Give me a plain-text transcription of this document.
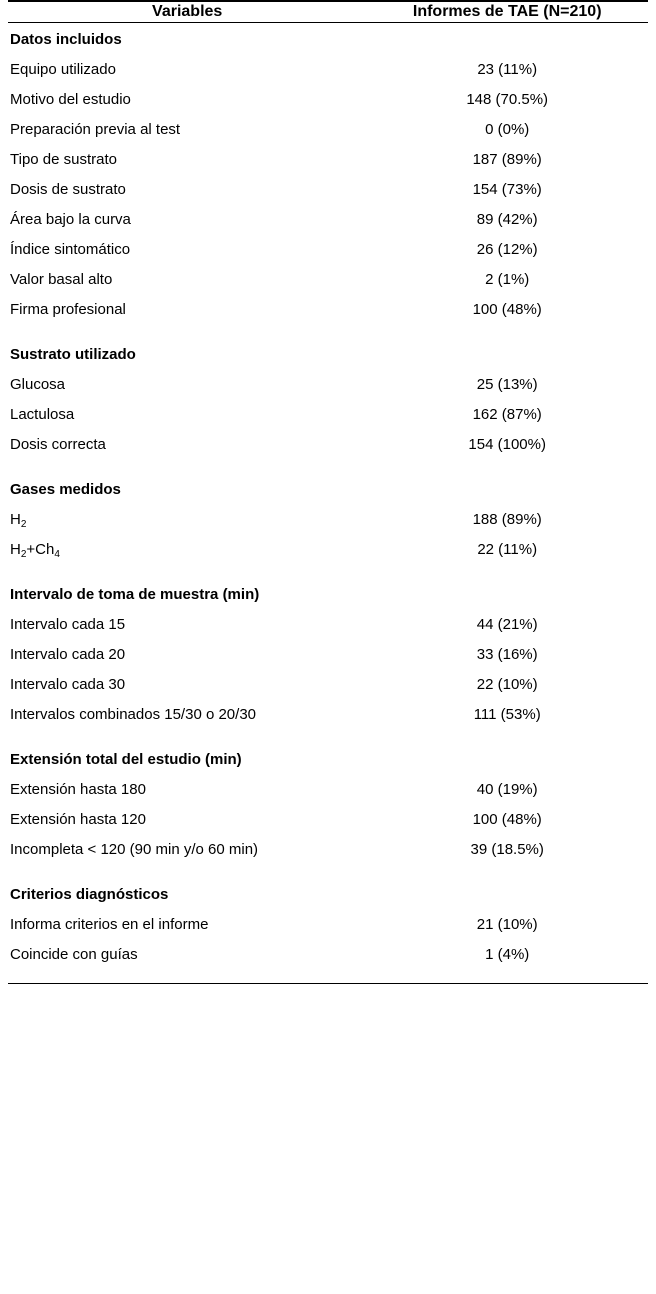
Variables	Informes de TAE (N=210)

Datos incluidos	
Equipo utilizado	23 (11%)
Motivo del estudio	148 (70.5%)
Preparación previa al test	0 (0%)
Tipo de sustrato	187 (89%)
Dosis de sustrato	154 (73%)
Área bajo la curva	89 (42%)
Índice sintomático	26 (12%)
Valor basal alto	2 (1%)
Firma profesional	100 (48%)

Sustrato utilizado	
Glucosa	25 (13%)
Lactulosa	162 (87%)
Dosis correcta	154 (100%)

Gases medidos	
$H_2$	188 (89%)
$H_2+Ch_4$	22 (11%)

Intervalo de toma de muestra (min)	
Intervalo cada 15	44 (21%)
Intervalo cada 20	33 (16%)
Intervalo cada 30	22 (10%)
Intervalos combinados 15/30 o 20/30	111 (53%)

Extensión total del estudio (min)	
Extensión hasta 180	40 (19%)
Extensión hasta 120	100 (48%)
Incompleta < 120 (90 min y/o 60 min)	39 (18.5%)

Criterios diagnósticos	
Informa criterios en el informe	21 (10%)
Coincide con guías	1 (4%)
